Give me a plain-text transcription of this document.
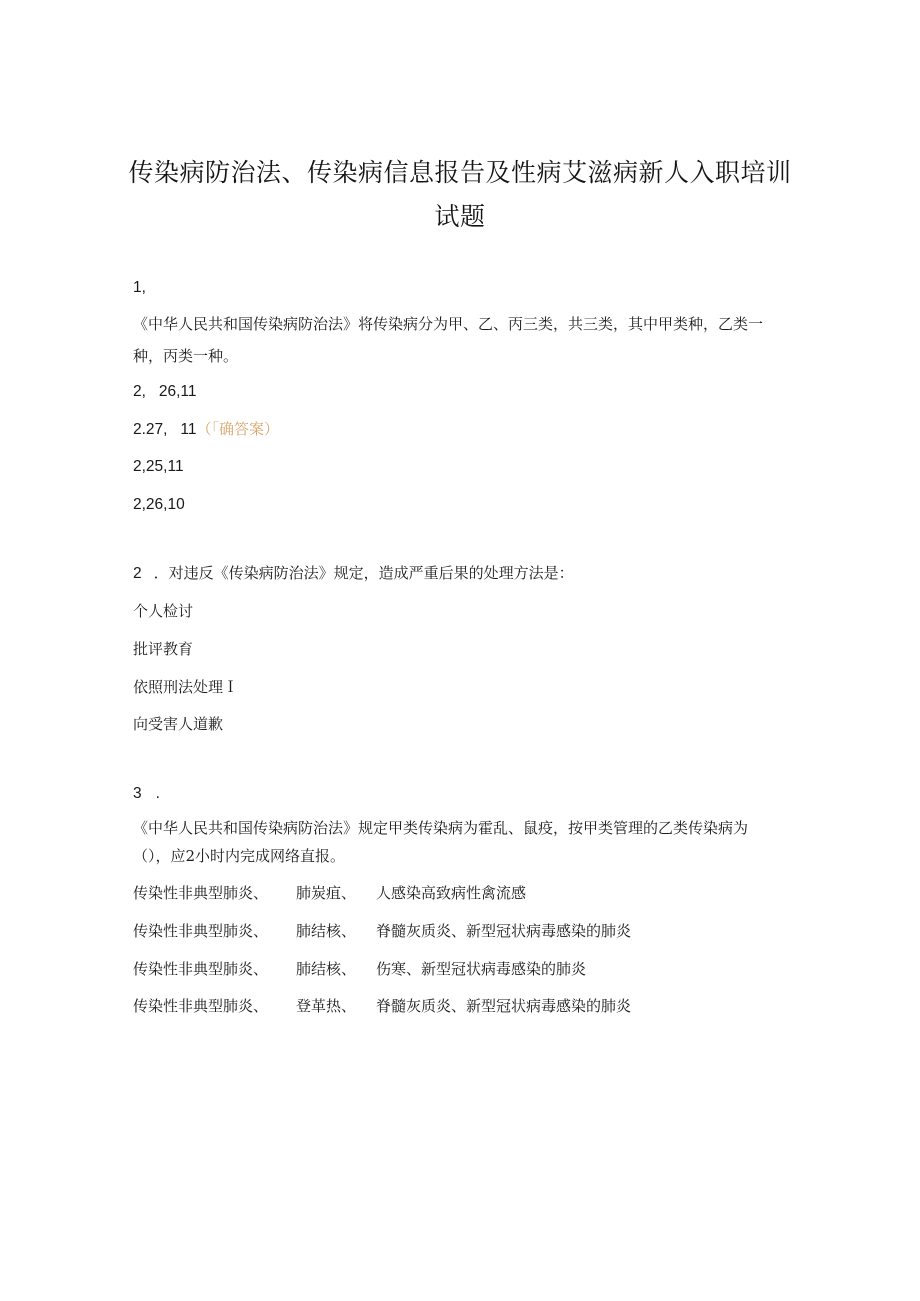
传染病防治法、传染病信息报告及性病艾滋病新人入职培训
试题
1,
《中华人民共和国传染病防治法》将传染病分为甲、乙、丙三类，共三类，其中甲类种，乙类一
种，丙类一种。
2,   26,11
2.27,   11（「确答案）
2,25,11
2,26,10
2 ．对违反《传染病防治法》规定，造成严重后果的处理方法是：
个人检讨
批评教育
依照刑法处理Ｉ
向受害人道歉
3 .
《中华人民共和国传染病防治法》规定甲类传染病为霍乱、鼠疫，按甲类管理的乙类传染病为
（），应2小时内完成网络直报。
传染性非典型肺炎、 肺炭疽、 人感染高致病性禽流感
传染性非典型肺炎、 肺结核、 脊髓灰质炎、新型冠状病毒感染的肺炎
传染性非典型肺炎、 肺结核、 伤寒、新型冠状病毒感染的肺炎
传染性非典型肺炎、 登革热、 脊髓灰质炎、新型冠状病毒感染的肺炎
